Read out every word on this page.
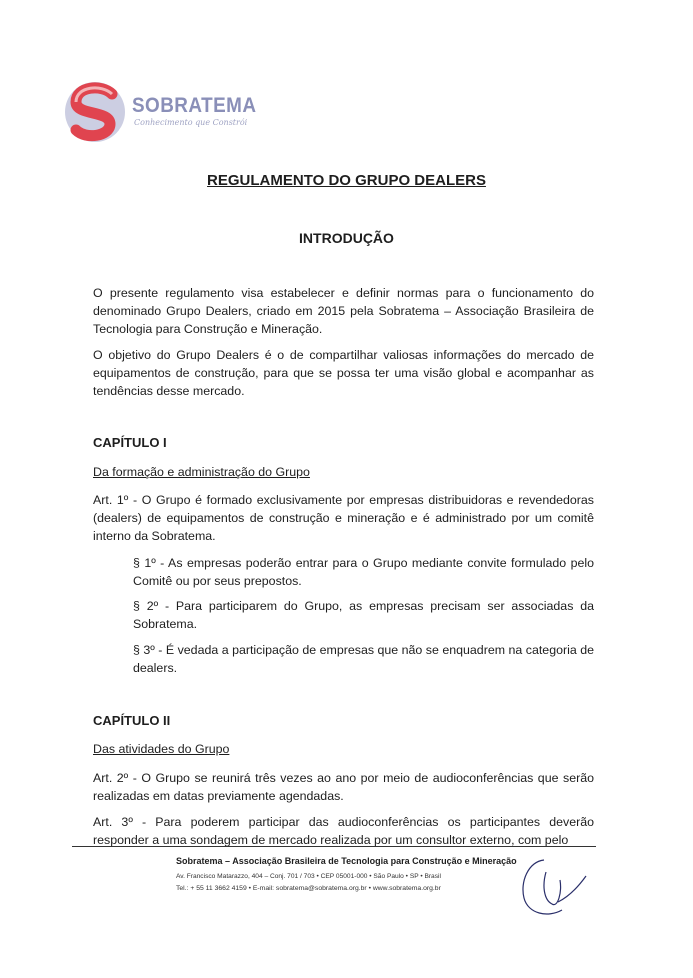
SOBRATEMA
Conhecimento que Constrói
REGULAMENTO DO GRUPO DEALERS
INTRODUÇÃO

O presente regulamento visa estabelecer e definir normas para o funcionamento do denominado Grupo Dealers, criado em 2015 pela Sobratema – Associação Brasileira de Tecnologia para Construção e Mineração.

O objetivo do Grupo Dealers é o de compartilhar valiosas informações do mercado de equipamentos de construção, para que se possa ter uma visão global e acompanhar as tendências desse mercado.

CAPÍTULO I
Da formação e administração do Grupo

Art. 1º - O Grupo é formado exclusivamente por empresas distribuidoras e revendedoras (dealers) de equipamentos de construção e mineração e é administrado por um comitê interno da Sobratema.

§ 1º - As empresas poderão entrar para o Grupo mediante convite formulado pelo Comitê ou por seus prepostos.

§ 2º - Para participarem do Grupo, as empresas precisam ser associadas da Sobratema.

§ 3º - É vedada a participação de empresas que não se enquadrem na categoria de dealers.

CAPÍTULO II
Das atividades do Grupo

Art. 2º - O Grupo se reunirá três vezes ao ano por meio de audioconferências que serão realizadas em datas previamente agendadas.

Art. 3º - Para poderem participar das audioconferências os participantes deverão responder a uma sondagem de mercado realizada por um consultor externo, com pelo

Sobratema – Associação Brasileira de Tecnologia para Construção e Mineração
Av. Francisco Matarazzo, 404 – Conj. 701 / 703 • CEP 05001-000 • São Paulo • SP • Brasil
Tel.: + 55 11 3662 4159 • E-mail: sobratema@sobratema.org.br • www.sobratema.org.br
